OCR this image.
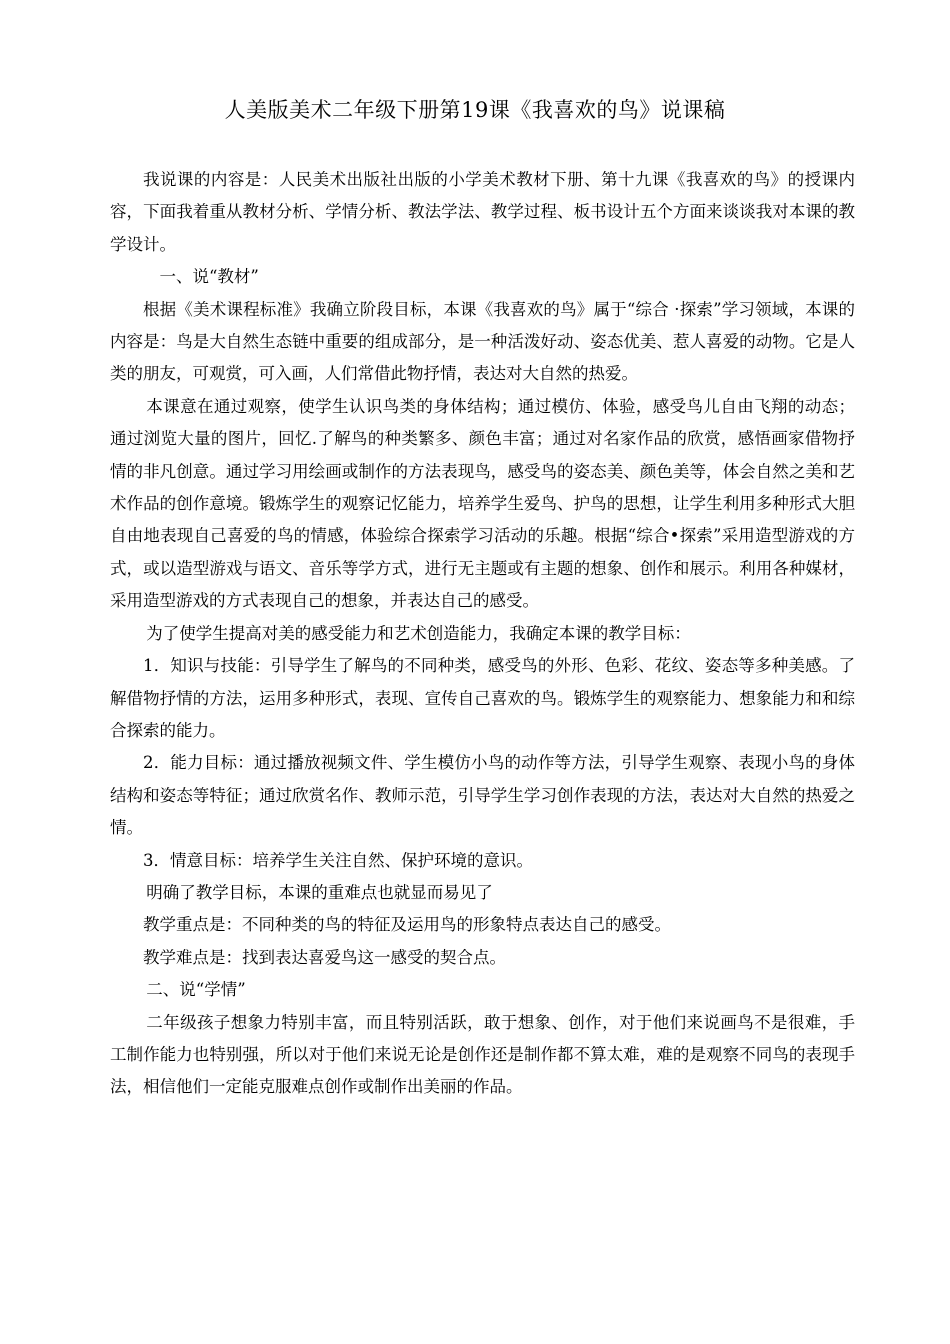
人美版美术二年级下册第19课《我喜欢的鸟》说课稿

我说课的内容是：人民美术出版社出版的小学美术教材下册、第十九课《我喜欢的鸟》的授课内容，下面我着重从教材分析、学情分析、教法学法、教学过程、板书设计五个方面来谈谈我对本课的教学设计。

一、说“教材”

根据《美术课程标准》我确立阶段目标，本课《我喜欢的鸟》属于“综合 ·探索”学习领域，本课的内容是：鸟是大自然生态链中重要的组成部分，是一种活泼好动、姿态优美、惹人喜爱的动物。它是人类的朋友，可观赏，可入画，人们常借此物抒情，表达对大自然的热爱。

本课意在通过观察，使学生认识鸟类的身体结构；通过模仿、体验，感受鸟儿自由飞翔的动态；通过浏览大量的图片，回忆.了解鸟的种类繁多、颜色丰富；通过对名家作品的欣赏，感悟画家借物抒情的非凡创意。通过学习用绘画或制作的方法表现鸟，感受鸟的姿态美、颜色美等，体会自然之美和艺术作品的创作意境。锻炼学生的观察记忆能力，培养学生爱鸟、护鸟的思想，让学生利用多种形式大胆自由地表现自己喜爱的鸟的情感，体验综合探索学习活动的乐趣。根据“综合•探索”采用造型游戏的方式，或以造型游戏与语文、音乐等学方式，进行无主题或有主题的想象、创作和展示。利用各种媒材，采用造型游戏的方式表现自己的想象，并表达自己的感受。

为了使学生提高对美的感受能力和艺术创造能力，我确定本课的教学目标：

1．知识与技能：引导学生了解鸟的不同种类，感受鸟的外形、色彩、花纹、姿态等多种美感。了解借物抒情的方法，运用多种形式，表现、宣传自己喜欢的鸟。锻炼学生的观察能力、想象能力和和综合探索的能力。

2．能力目标：通过播放视频文件、学生模仿小鸟的动作等方法，引导学生观察、表现小鸟的身体结构和姿态等特征；通过欣赏名作、教师示范，引导学生学习创作表现的方法，表达对大自然的热爱之情。

3．情意目标：培养学生关注自然、保护环境的意识。

明确了教学目标，本课的重难点也就显而易见了

教学重点是：不同种类的鸟的特征及运用鸟的形象特点表达自己的感受。

教学难点是：找到表达喜爱鸟这一感受的契合点。

二、说“学情”

二年级孩子想象力特别丰富，而且特别活跃，敢于想象、创作，对于他们来说画鸟不是很难，手工制作能力也特别强，所以对于他们来说无论是创作还是制作都不算太难，难的是观察不同鸟的表现手法，相信他们一定能克服难点创作或制作出美丽的作品。
